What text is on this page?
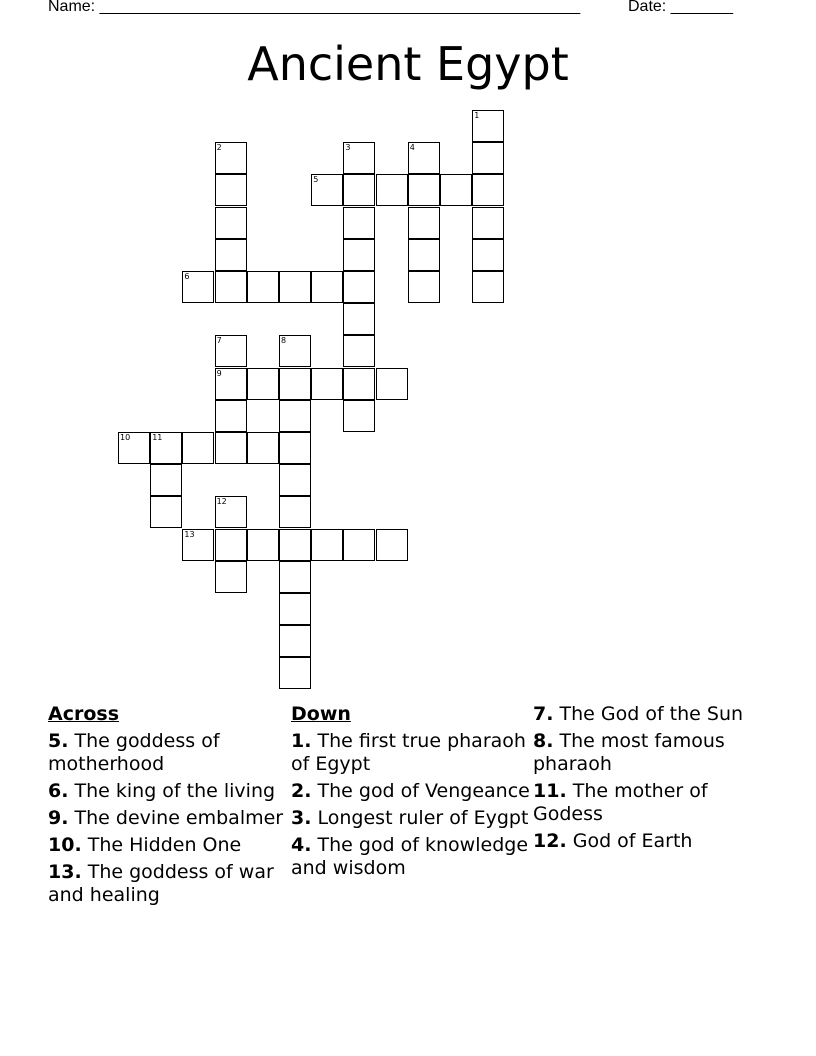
Name: ______________________________________________________	Date: _______
Ancient Egypt
1
2	3	4
5
6
7
9
8
10	11
12
13
Across
5. The goddess of motherhood
6. The king of the living
9. The devine embalmer
10. The Hidden One
13. The goddess of war and healing
Down
1. The first true pharaoh of Egypt
2. The god of Vengeance
3. Longest ruler of Eygpt
4. The god of knowledge and wisdom
7. The God of the Sun
8. The most famous pharaoh
11. The mother of Godess
12. God of Earth
